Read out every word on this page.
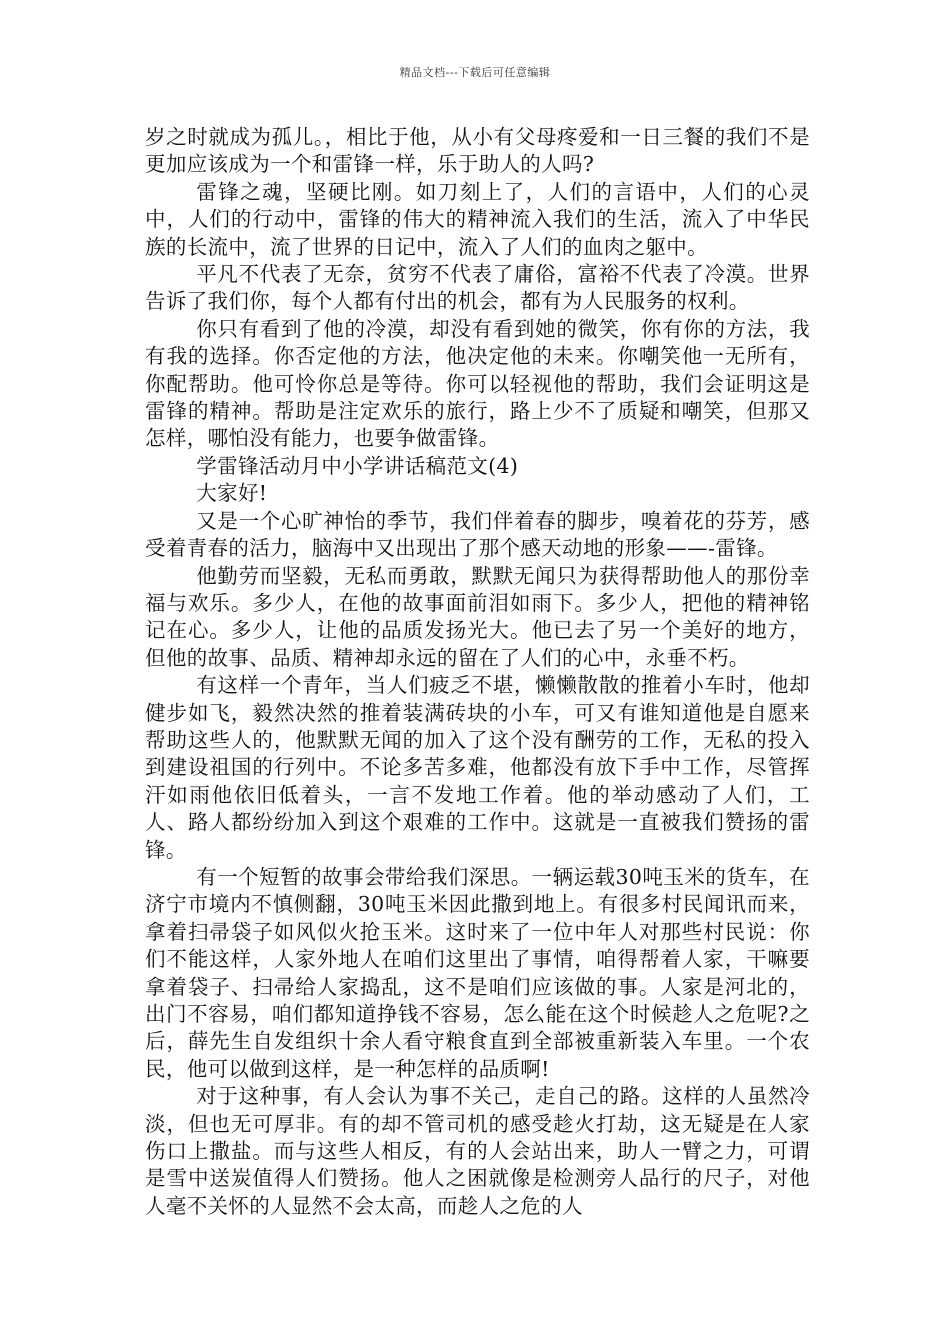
精品文档---下载后可任意编辑

岁之时就成为孤儿。，相比于他，从小有父母疼爱和一日三餐的我们不是更加应该成为一个和雷锋一样，乐于助人的人吗?

雷锋之魂，坚硬比刚。如刀刻上了，人们的言语中，人们的心灵中，人们的行动中，雷锋的伟大的精神流入我们的生活，流入了中华民族的长流中，流了世界的日记中，流入了人们的血肉之躯中。

平凡不代表了无奈，贫穷不代表了庸俗，富裕不代表了冷漠。世界告诉了我们你，每个人都有付出的机会，都有为人民服务的权利。

你只有看到了他的冷漠，却没有看到她的微笑，你有你的方法，我有我的选择。你否定他的方法，他决定他的未来。你嘲笑他一无所有，你配帮助。他可怜你总是等待。你可以轻视他的帮助，我们会证明这是雷锋的精神。帮助是注定欢乐的旅行，路上少不了质疑和嘲笑，但那又怎样，哪怕没有能力，也要争做雷锋。

学雷锋活动月中小学讲话稿范文(4)

大家好!

又是一个心旷神怡的季节，我们伴着春的脚步，嗅着花的芬芳，感受着青春的活力，脑海中又出现出了那个感天动地的形象——-雷锋。

他勤劳而坚毅，无私而勇敢，默默无闻只为获得帮助他人的那份幸福与欢乐。多少人，在他的故事面前泪如雨下。多少人，把他的精神铭记在心。多少人，让他的品质发扬光大。他已去了另一个美好的地方，但他的故事、品质、精神却永远的留在了人们的心中，永垂不朽。

有这样一个青年，当人们疲乏不堪，懒懒散散的推着小车时，他却健步如飞，毅然决然的推着装满砖块的小车，可又有谁知道他是自愿来帮助这些人的，他默默无闻的加入了这个没有酬劳的工作，无私的投入到建设祖国的行列中。不论多苦多难，他都没有放下手中工作，尽管挥汗如雨他依旧低着头，一言不发地工作着。他的举动感动了人们，工人、路人都纷纷加入到这个艰难的工作中。这就是一直被我们赞扬的雷锋。

有一个短暂的故事会带给我们深思。一辆运载30吨玉米的货车，在济宁市境内不慎侧翻，30吨玉米因此撒到地上。有很多村民闻讯而来，拿着扫帚袋子如风似火抢玉米。这时来了一位中年人对那些村民说：你们不能这样，人家外地人在咱们这里出了事情，咱得帮着人家，干嘛要拿着袋子、扫帚给人家捣乱，这不是咱们应该做的事。人家是河北的，出门不容易，咱们都知道挣钱不容易，怎么能在这个时候趁人之危呢?之后，薛先生自发组织十余人看守粮食直到全部被重新装入车里。一个农民，他可以做到这样，是一种怎样的品质啊!

对于这种事，有人会认为事不关己，走自己的路。这样的人虽然冷淡，但也无可厚非。有的却不管司机的感受趁火打劫，这无疑是在人家伤口上撒盐。而与这些人相反，有的人会站出来，助人一臂之力，可谓是雪中送炭值得人们赞扬。他人之困就像是检测旁人品行的尺子，对他人毫不关怀的人显然不会太高，而趁人之危的人
